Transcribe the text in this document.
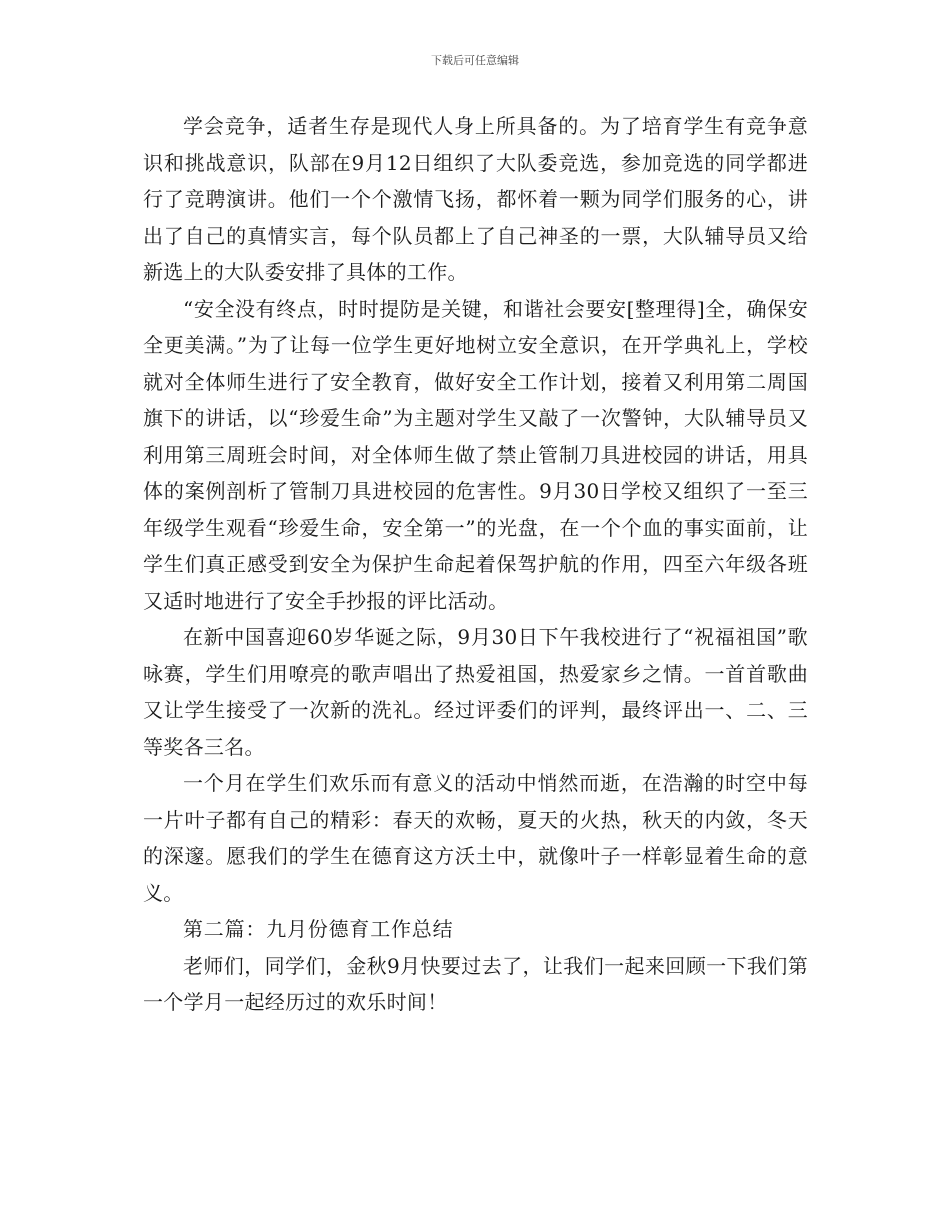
下载后可任意编辑

学会竞争，适者生存是现代人身上所具备的。为了培育学生有竞争意识和挑战意识，队部在9月12日组织了大队委竞选，参加竞选的同学都进行了竞聘演讲。他们一个个激情飞扬，都怀着一颗为同学们服务的心，讲出了自己的真情实言，每个队员都上了自己神圣的一票，大队辅导员又给新选上的大队委安排了具体的工作。

“安全没有终点，时时提防是关键，和谐社会要安[整理得]全，确保安全更美满。”为了让每一位学生更好地树立安全意识，在开学典礼上，学校就对全体师生进行了安全教育，做好安全工作计划，接着又利用第二周国旗下的讲话，以“珍爱生命”为主题对学生又敲了一次警钟，大队辅导员又利用第三周班会时间，对全体师生做了禁止管制刀具进校园的讲话，用具体的案例剖析了管制刀具进校园的危害性。9月30日学校又组织了一至三年级学生观看“珍爱生命，安全第一”的光盘，在一个个血的事实面前，让学生们真正感受到安全为保护生命起着保驾护航的作用，四至六年级各班又适时地进行了安全手抄报的评比活动。

在新中国喜迎60岁华诞之际，9月30日下午我校进行了“祝福祖国”歌咏赛，学生们用嘹亮的歌声唱出了热爱祖国，热爱家乡之情。一首首歌曲又让学生接受了一次新的洗礼。经过评委们的评判，最终评出一、二、三等奖各三名。

一个月在学生们欢乐而有意义的活动中悄然而逝，在浩瀚的时空中每一片叶子都有自己的精彩：春天的欢畅，夏天的火热，秋天的内敛，冬天的深邃。愿我们的学生在德育这方沃土中，就像叶子一样彰显着生命的意义。

第二篇：九月份德育工作总结

老师们，同学们，金秋9月快要过去了，让我们一起来回顾一下我们第一个学月一起经历过的欢乐时间！
